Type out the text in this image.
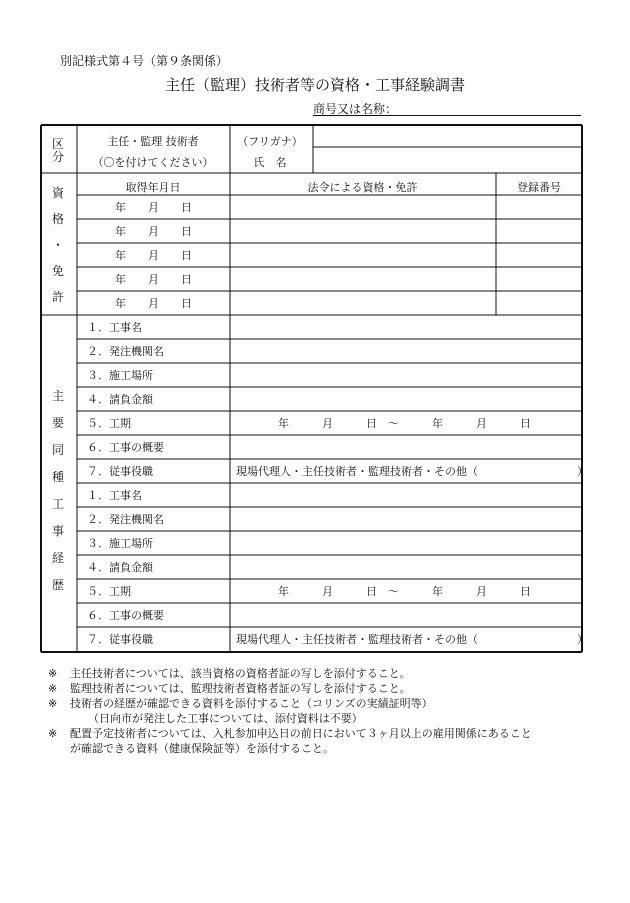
別記様式第４号（第９条関係）
主任（監理）技術者等の資格・工事経験調書
商号又は名称：
区
分
主任・監理 技術者
（〇を付けてください）
（フリガナ）
氏　名
資
格
・
免
許
取得年月日	法令による資格・免許	登録番号
年　　月　　日
年　　月　　日
年　　月　　日
年　　月　　日
年　　月　　日
主
要
同
種
工
事
経
歴
１．工事名
２．発注機関名
３．施工場所
４．請負金額
５．工期	年　　　月　　　日　～　　　年　　　月　　　日
６．工事の概要
７．従事役職	現場代理人・主任技術者・監理技術者・その他（　　　　　　　　　）
１．工事名
２．発注機関名
３．施工場所
４．請負金額
５．工期	年　　　月　　　日　～　　　年　　　月　　　日
６．工事の概要
７．従事役職	現場代理人・主任技術者・監理技術者・その他（　　　　　　　　　）
※	主任技術者については、該当資格の資格者証の写しを添付すること。
※	監理技術者については、監理技術者資格者証の写しを添付すること。
※	技術者の経歴が確認できる資料を添付すること（コリンズの実績証明等）
（日向市が発注した工事については、添付資料は不要）
※	配置予定技術者については、入札参加申込日の前日において３ヶ月以上の雇用関係にあること
が確認できる資料（健康保険証等）を添付すること。
